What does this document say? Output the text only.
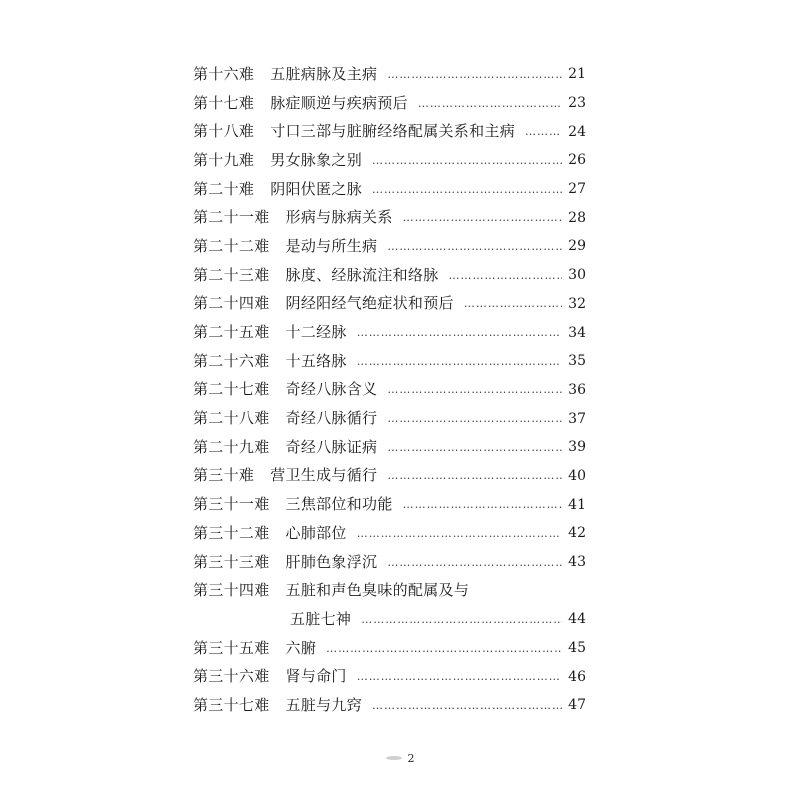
第十六难 五脏病脉及主病 ………………………………………………………………………………………	21
第十七难 脉症顺逆与疾病预后 ………………………………………………………………………………………	23
第十八难 寸口三部与脏腑经络配属关系和主病 ………………………………………………………………………………………	24
第十九难 男女脉象之别 ………………………………………………………………………………………	26
第二十难 阴阳伏匿之脉 ………………………………………………………………………………………	27
第二十一难 形病与脉病关系 ………………………………………………………………………………………	28
第二十二难 是动与所生病 ………………………………………………………………………………………	29
第二十三难 脉度、经脉流注和络脉 ………………………………………………………………………………………	30
第二十四难 阴经阳经气绝症状和预后 ………………………………………………………………………………………	32
第二十五难 十二经脉 ………………………………………………………………………………………	34
第二十六难 十五络脉 ………………………………………………………………………………………	35
第二十七难 奇经八脉含义 ………………………………………………………………………………………	36
第二十八难 奇经八脉循行 ………………………………………………………………………………………	37
第二十九难 奇经八脉证病 ………………………………………………………………………………………	39
第三十难 营卫生成与循行 ………………………………………………………………………………………	40
第三十一难 三焦部位和功能 ………………………………………………………………………………………	41
第三十二难 心肺部位 ………………………………………………………………………………………	42
第三十三难 肝肺色象浮沉 ………………………………………………………………………………………	43
第三十四难 五脏和声色臭味的配属及与
五脏七神 ………………………………………………………………………………………	44
第三十五难 六腑 ………………………………………………………………………………………	45
第三十六难 肾与命门 ………………………………………………………………………………………	46
第三十七难 五脏与九窍 ………………………………………………………………………………………	47
2
